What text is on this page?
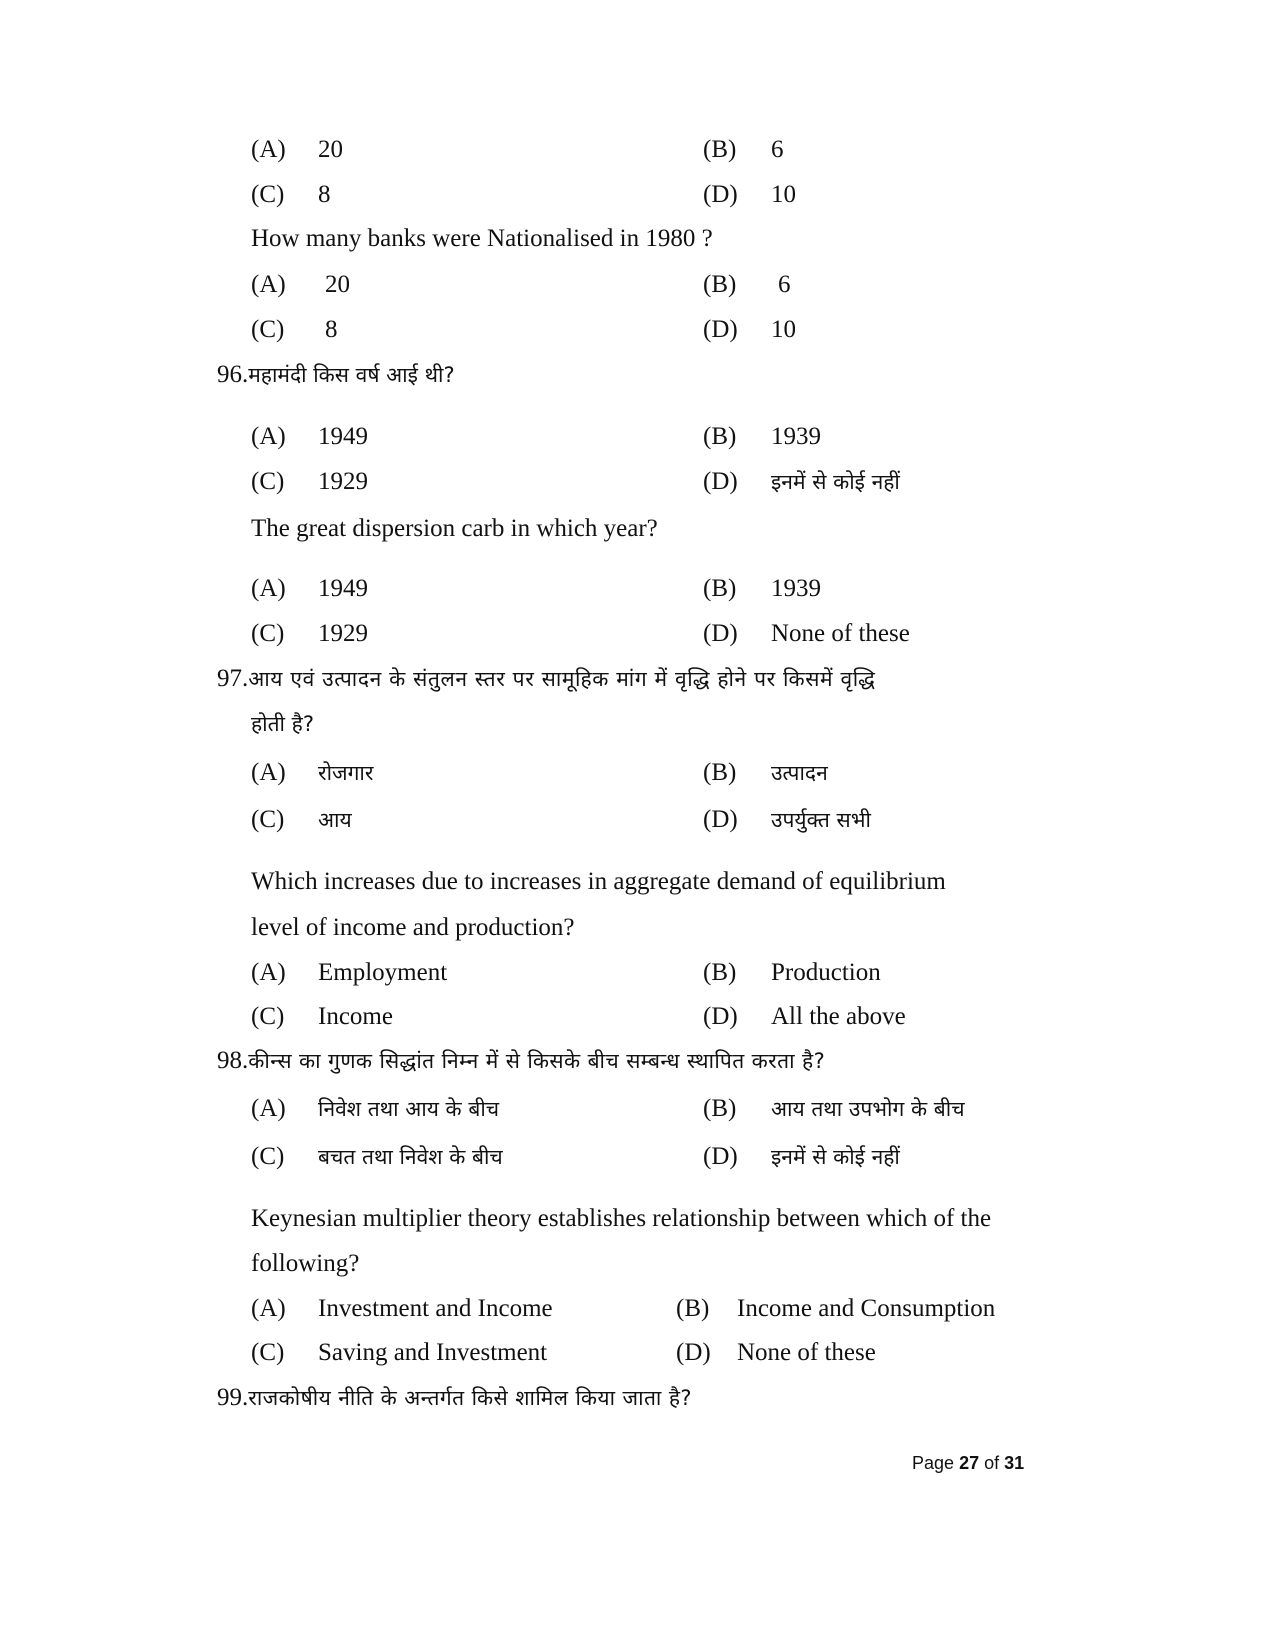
(A) 20	(B) 6
(C) 8	(D) 10
How many banks were Nationalised in 1980 ?
(A) 20	(B) 6
(C) 8	(D) 10
96.महामंदी किस वर्ष आई थी?
(A) 1949	(B) 1939
(C) 1929	(D) इनमें से कोई नहीं
The great dispersion carb in which year?
(A) 1949	(B) 1939
(C) 1929	(D) None of these
97.आय एवं उत्पादन के संतुलन स्तर पर सामूहिक मांग में वृद्धि होने पर किसमें वृद्धि
होती है?
(A) रोजगार	(B) उत्पादन
(C) आय	(D) उपर्युक्त सभी
Which increases due to increases in aggregate demand of equilibrium
level of income and production?
(A) Employment	(B) Production
(C) Income	(D) All the above
98.कीन्स का गुणक सिद्धांत निम्न में से किसके बीच सम्बन्ध स्थापित करता है?
(A) निवेश तथा आय के बीच	(B) आय तथा उपभोग के बीच
(C) बचत तथा निवेश के बीच	(D) इनमें से कोई नहीं
Keynesian multiplier theory establishes relationship between which of the
following?
(A) Investment and Income	(B) Income and Consumption
(C) Saving and Investment	(D) None of these
99.राजकोषीय नीति के अन्तर्गत किसे शामिल किया जाता है?
Page 27 of 31
